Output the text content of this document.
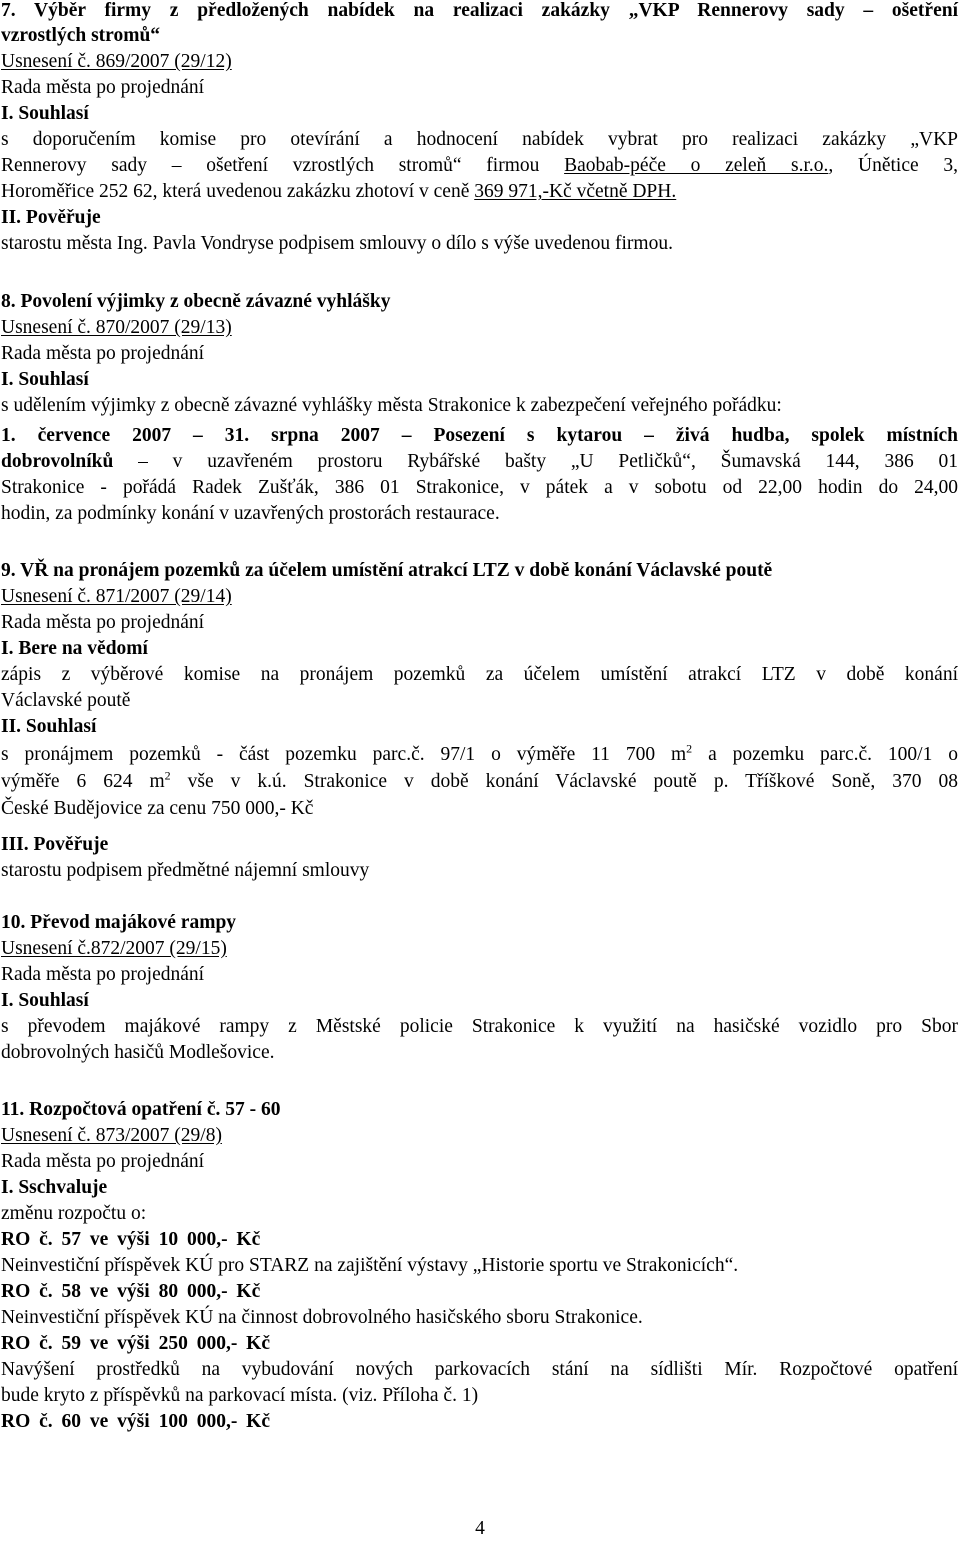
7. Výběr firmy z předložených nabídek na realizaci zakázky „VKP Rennerovy sady – ošetření
vzrostlých stromů“
Usnesení č. 869/2007 (29/12)
Rada města po projednání
I. Souhlasí
s doporučením komise pro otevírání a hodnocení nabídek vybrat pro realizaci zakázky „VKP
Rennerovy sady – ošetření vzrostlých stromů“ firmou Baobab-péče o zeleň s.r.o., Únětice 3,
Horoměřice 252 62, která uvedenou zakázku zhotoví v ceně 369 971,-Kč včetně DPH.
II. Pověřuje
starostu města Ing. Pavla Vondryse podpisem smlouvy o dílo s výše uvedenou firmou.
8. Povolení výjimky z obecně závazné vyhlášky
Usnesení č. 870/2007 (29/13)
Rada města po projednání
I. Souhlasí
s udělením výjimky z obecně závazné vyhlášky města Strakonice k zabezpečení veřejného pořádku:
1. července 2007 – 31. srpna 2007 – Posezení s kytarou – živá hudba, spolek místních
dobrovolníků – v uzavřeném prostoru Rybářské bašty „U Petličků“, Šumavská 144, 386 01
Strakonice - pořádá Radek Zušťák, 386 01 Strakonice, v pátek a v sobotu od 22,00 hodin do 24,00
hodin, za podmínky konání v uzavřených prostorách restaurace.
9. VŘ na pronájem pozemků za účelem umístění atrakcí LTZ v době konání Václavské poutě
Usnesení č. 871/2007 (29/14)
Rada města po projednání
I. Bere na vědomí
zápis z výběrové komise na pronájem pozemků za účelem umístění atrakcí LTZ v době konání
Václavské poutě
II. Souhlasí
s pronájmem pozemků - část pozemku parc.č. 97/1 o výměře 11 700 $m^2$ a pozemku parc.č. 100/1 o
výměře 6 624 $m^2$ vše v k.ú. Strakonice v době konání Václavské poutě p. Tříškové Soně, 370 08
České Budějovice za cenu 750 000,- Kč
III. Pověřuje
starostu podpisem předmětné nájemní smlouvy
10. Převod majákové rampy
Usnesení č.872/2007 (29/15)
Rada města po projednání
I. Souhlasí
s převodem majákové rampy z Městské policie Strakonice k využití na hasičské vozidlo pro Sbor
dobrovolných hasičů Modlešovice.
11. Rozpočtová opatření č. 57 - 60
Usnesení č. 873/2007 (29/8)
Rada města po projednání
I. Sschvaluje
změnu rozpočtu o:
RO č. 57 ve výši 10 000,- Kč
Neinvestiční příspěvek KÚ pro STARZ na zajištění výstavy „Historie sportu ve Strakonicích“.
RO č. 58 ve výši 80 000,- Kč
Neinvestiční příspěvek KÚ na činnost dobrovolného hasičského sboru Strakonice.
RO č. 59 ve výši 250 000,- Kč
Navýšení prostředků na vybudování nových parkovacích stání na sídlišti Mír. Rozpočtové opatření
bude kryto z příspěvků na parkovací místa. (viz. Příloha č. 1)
RO č. 60 ve výši 100 000,- Kč
4
